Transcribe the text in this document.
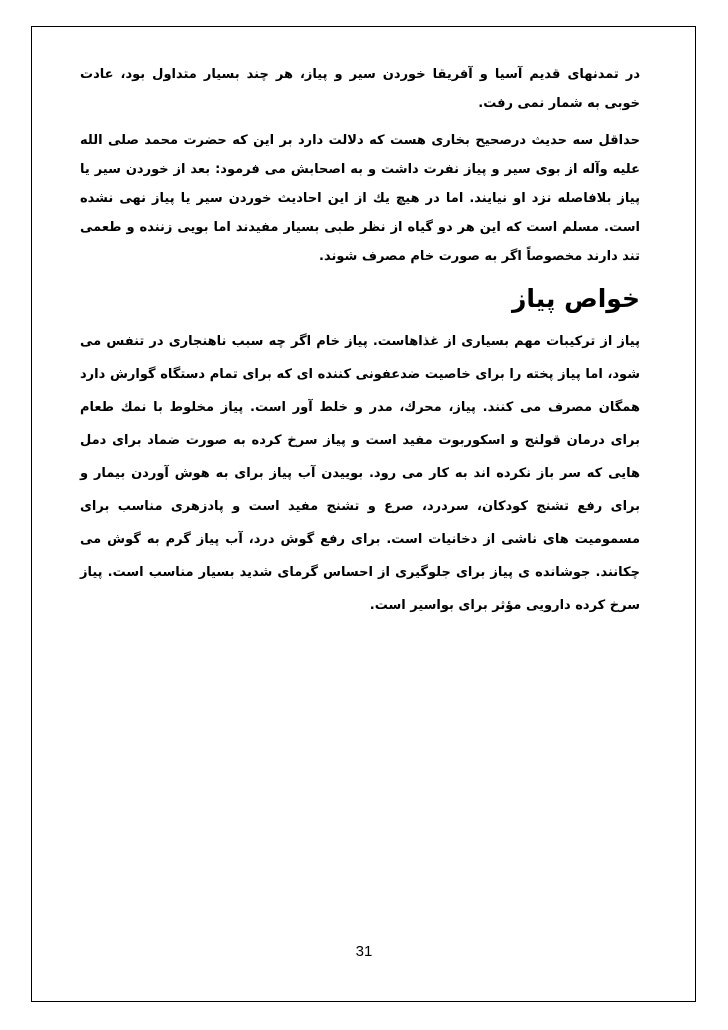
در تمدنهای قدیم آسیا و آفریقا خوردن سیر و پیاز، هر چند بسیار متداول بود، عادت خوبی به شمار نمی رفت.

حداقل سه حدیث درصحیح بخاری هست که دلالت دارد بر این که حضرت محمد صلی الله علیه وآله از بوی سیر و پیاز نفرت داشت و به اصحابش می فرمود: بعد از خوردن سیر یا پیاز بلافاصله نزد او نیایند. اما در هیچ یك از این احادیث خوردن سیر یا پیاز نهی نشده است. مسلم است که این هر دو گیاه از نظر طبی بسیار مفیدند اما بویی زننده و طعمی تند دارند مخصوصاً اگر به صورت خام مصرف شوند.

خواص پیاز

پیاز از ترکیبات مهم بسیاری از غذاهاست. پیاز خام اگر چه سبب ناهنجاری در تنفس می شود، اما پیاز پخته را برای خاصیت ضدعفونی کننده ای که برای تمام دستگاه گوارش دارد همگان مصرف می کنند. پیاز، محرك، مدر و خلط آور است. پیاز مخلوط با نمك طعام برای درمان قولنج و اسکوربوت مفید است و پیاز سرخ کرده به صورت ضماد برای دمل هایی که سر باز نکرده اند به کار می رود. بوییدن آب پیاز برای به هوش آوردن بیمار و برای رفع تشنج کودکان، سردرد، صرع و تشنج مفید است و پادزهری مناسب برای مسمومیت های ناشی از دخانیات است. برای رفع گوش درد، آب پیاز گرم به گوش می چکانند. جوشانده ی پیاز برای جلوگیری از احساس گرمای شدید بسیار مناسب است. پیاز سرخ کرده دارویی مؤثر برای بواسیر است.

31
